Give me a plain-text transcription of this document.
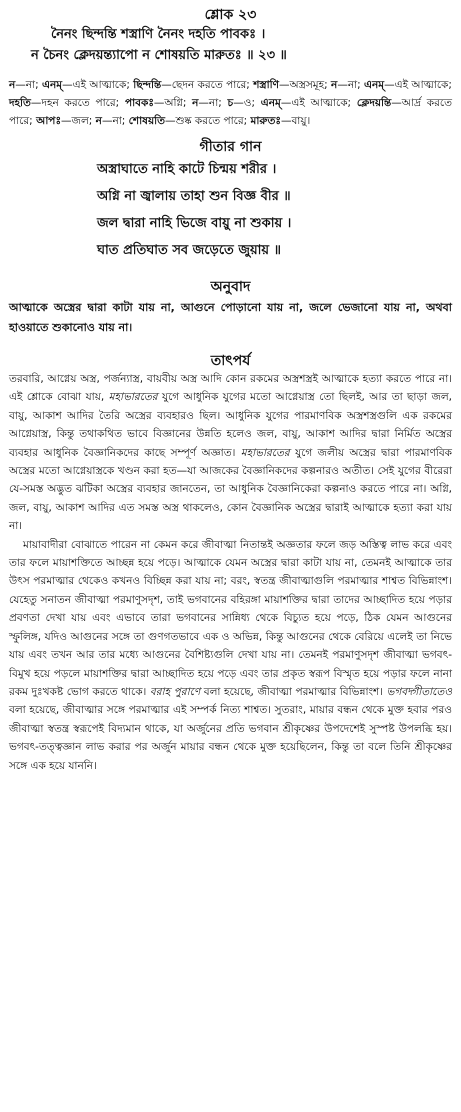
শ্লোক ২৩
নৈনং ছিন্দন্তি শস্ত্রাণি নৈনং দহতি পাবকঃ ।
ন চৈনং ক্লেদয়ন্ত্যাপো ন শোষয়তি মারুতঃ ॥ ২৩ ॥

ন—না; এনম্—এই আত্মাকে; ছিন্দন্তি—ছেদন করতে পারে; শস্ত্রাণি—অস্ত্রসমূহ; ন—না; এনম্—এই আত্মাকে; দহতি—দহন করতে পারে; পাবকঃ—অগ্নি; ন—না; চ—ও; এনম্—এই আত্মাকে; ক্লেদয়ন্তি—আর্দ্র করতে পারে; আপঃ—জল; ন—না; শোষয়তি—শুষ্ক করতে পারে; মারুতঃ—বায়ু।

গীতার গান
অস্ত্রাঘাতে নাহি কাটে চিন্ময় শরীর ।
অগ্নি না জ্বালায় তাহা শুন বিজ্ঞ বীর ॥
জল দ্বারা নাহি ভিজে বায়ু না শুকায় ।
ঘাত প্রতিঘাত সব জড়েতে জুয়ায় ॥
অনুবাদ

আত্মাকে অস্ত্রের দ্বারা কাটা যায় না, আগুনে পোড়ানো যায় না, জলে ভেজানো যায় না, অথবা হাওয়াতে শুকানোও যায় না।

তাৎপর্য

তরবারি, আগ্নেয় অস্ত্র, পর্জন্যাস্ত্র, বায়বীয় অস্ত্র আদি কোন রকমের অস্ত্রশস্ত্রই আত্মাকে হত্যা করতে পারে না। এই শ্লোকে বোঝা যায়, মহাভারতের যুগে আধুনিক যুগের মতো আগ্নেয়াস্ত্র তো ছিলই, আর তা ছাড়া জল, বায়ু, আকাশ আদির তৈরি অস্ত্রের ব্যবহারও ছিল। আধুনিক যুগের পারমাণবিক অস্ত্রশস্ত্রগুলি এক রকমের আগ্নেয়াস্ত্র, কিন্তু তথাকথিত ভাবে বিজ্ঞানের উন্নতি হলেও জল, বায়ু, আকাশ আদির দ্বারা নির্মিত অস্ত্রের ব্যবহার আধুনিক বৈজ্ঞানিকদের কাছে সম্পূর্ণ অজ্ঞাত। মহাভারতের যুগে জলীয় অস্ত্রের দ্বারা পারমাণবিক অস্ত্রের মতো আগ্নেয়াস্ত্রকে খণ্ডন করা হত—যা আজকের বৈজ্ঞানিকদের কল্পনারও অতীত। সেই যুগের বীরেরা যে-সমস্ত অদ্ভুত ঝটিকা অস্ত্রের ব্যবহার জানতেন, তা আধুনিক বৈজ্ঞানিকেরা কল্পনাও করতে পারে না। অগ্নি, জল, বায়ু, আকাশ আদির এত সমস্ত অস্ত্র থাকলেও, কোন বৈজ্ঞানিক অস্ত্রের দ্বারাই আত্মাকে হত্যা করা যায় না।

মায়াবাদীরা বোঝাতে পারেন না কেমন করে জীবাত্মা নিতান্তই অজ্ঞতার ফলে জড় অস্তিত্ব লাভ করে এবং তার ফলে মায়াশক্তিতে আচ্ছন্ন হয়ে পড়ে। আত্মাকে যেমন অস্ত্রের দ্বারা কাটা যায় না, তেমনই আত্মাকে তার উৎস পরমাত্মার থেকেও কখনও বিচ্ছিন্ন করা যায় না; বরং, স্বতন্ত্র জীবাত্মাগুলি পরমাত্মার শাশ্বত বিভিন্নাংশ। যেহেতু সনাতন জীবাত্মা পরমাণুসদৃশ, তাই ভগবানের বহিরঙ্গা মায়াশক্তির দ্বারা তাদের আচ্ছাদিত হয়ে পড়ার প্রবণতা দেখা যায় এবং এভাবে তারা ভগবানের সান্নিধ্য থেকে বিচ্যুত হয়ে পড়ে, ঠিক যেমন আগুনের স্ফুলিঙ্গ, যদিও আগুনের সঙ্গে তা গুণগতভাবে এক ও অভিন্ন, কিন্তু আগুনের থেকে বেরিয়ে এলেই তা নিভে যায় এবং তখন আর তার মধ্যে আগুনের বৈশিষ্ট্যগুলি দেখা যায় না। তেমনই পরমাণুসদৃশ জীবাত্মা ভগবৎ-বিমুখ হয়ে পড়লে মায়াশক্তির দ্বারা আচ্ছাদিত হয়ে পড়ে এবং তার প্রকৃত স্বরূপ বিস্মৃত হয়ে পড়ার ফলে নানা রকম দুঃখকষ্ট ভোগ করতে থাকে। বরাহ পুরাণে বলা হয়েছে, জীবাত্মা পরমাত্মার বিভিন্নাংশ। ভগবদ্গীতাতেও বলা হয়েছে, জীবাত্মার সঙ্গে পরমাত্মার এই সম্পর্ক নিত্য শাশ্বত। সুতরাং, মায়ার বন্ধন থেকে মুক্ত হবার পরও জীবাত্মা স্বতন্ত্র স্বরূপেই বিদ্যমান থাকে, যা অর্জুনের প্রতি ভগবান শ্রীকৃষ্ণের উপদেশেই সুস্পষ্ট উপলব্ধি হয়। ভগবৎ-তত্ত্বজ্ঞান লাভ করার পর অর্জুন মায়ার বন্ধন থেকে মুক্ত হয়েছিলেন, কিন্তু তা বলে তিনি শ্রীকৃষ্ণের সঙ্গে এক হয়ে যাননি।
